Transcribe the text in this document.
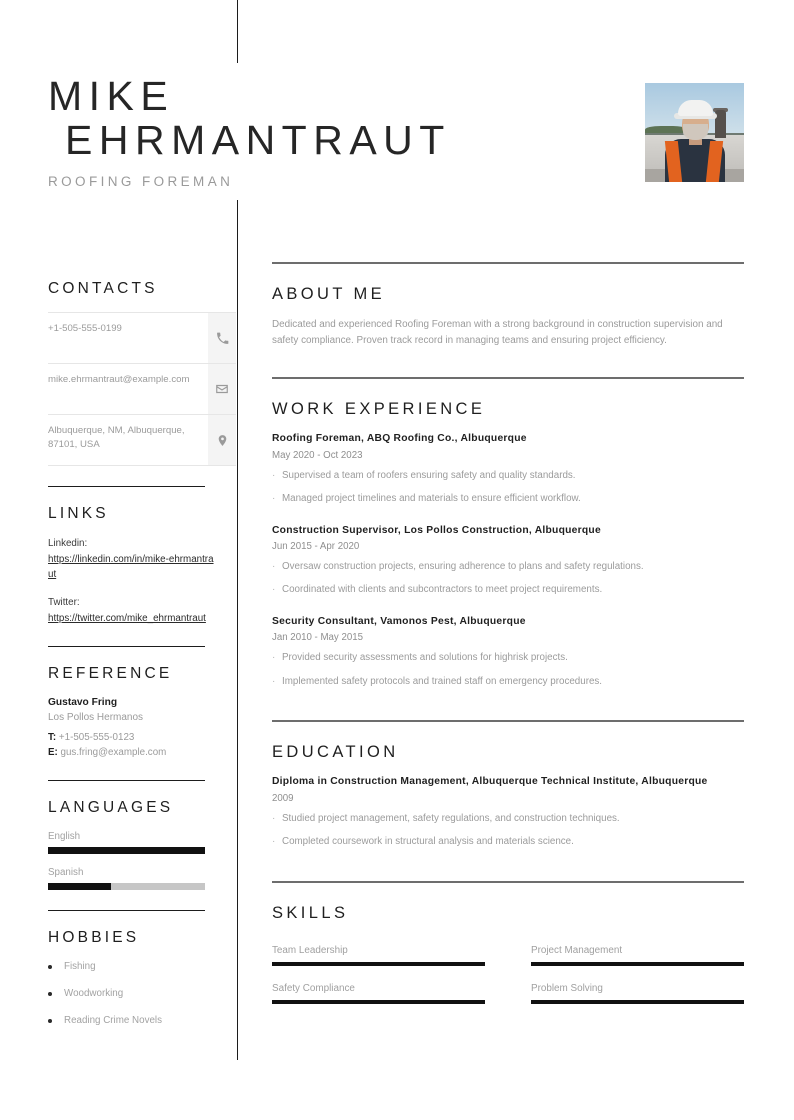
MIKE
EHRMANTRAUT
ROOFING FOREMAN
CONTACTS
+1-505-555-0199
mike.ehrmantraut@example.com
Albuquerque, NM, Albuquerque, 87101, USA
LINKS
Linkedin:
https://linkedin.com/in/mike-ehrmantraut
Twitter:
https://twitter.com/mike_ehrmantraut
REFERENCE
Gustavo Fring
Los Pollos Hermanos
T: +1-505-555-0123
E: gus.fring@example.com
LANGUAGES
English
Spanish
HOBBIES
Fishing
Woodworking
Reading Crime Novels
ABOUT ME
Dedicated and experienced Roofing Foreman with a strong background in construction supervision and safety compliance. Proven track record in managing teams and ensuring project efficiency.
WORK EXPERIENCE
Roofing Foreman, ABQ Roofing Co., Albuquerque
May 2020 - Oct 2023
· Supervised a team of roofers ensuring safety and quality standards.
· Managed project timelines and materials to ensure efficient workflow.
Construction Supervisor, Los Pollos Construction, Albuquerque
Jun 2015 - Apr 2020
· Oversaw construction projects, ensuring adherence to plans and safety regulations.
· Coordinated with clients and subcontractors to meet project requirements.
Security Consultant, Vamonos Pest, Albuquerque
Jan 2010 - May 2015
· Provided security assessments and solutions for highrisk projects.
· Implemented safety protocols and trained staff on emergency procedures.
EDUCATION
Diploma in Construction Management, Albuquerque Technical Institute, Albuquerque
2009
· Studied project management, safety regulations, and construction techniques.
· Completed coursework in structural analysis and materials science.
SKILLS
Team Leadership	Project Management
Safety Compliance	Problem Solving
